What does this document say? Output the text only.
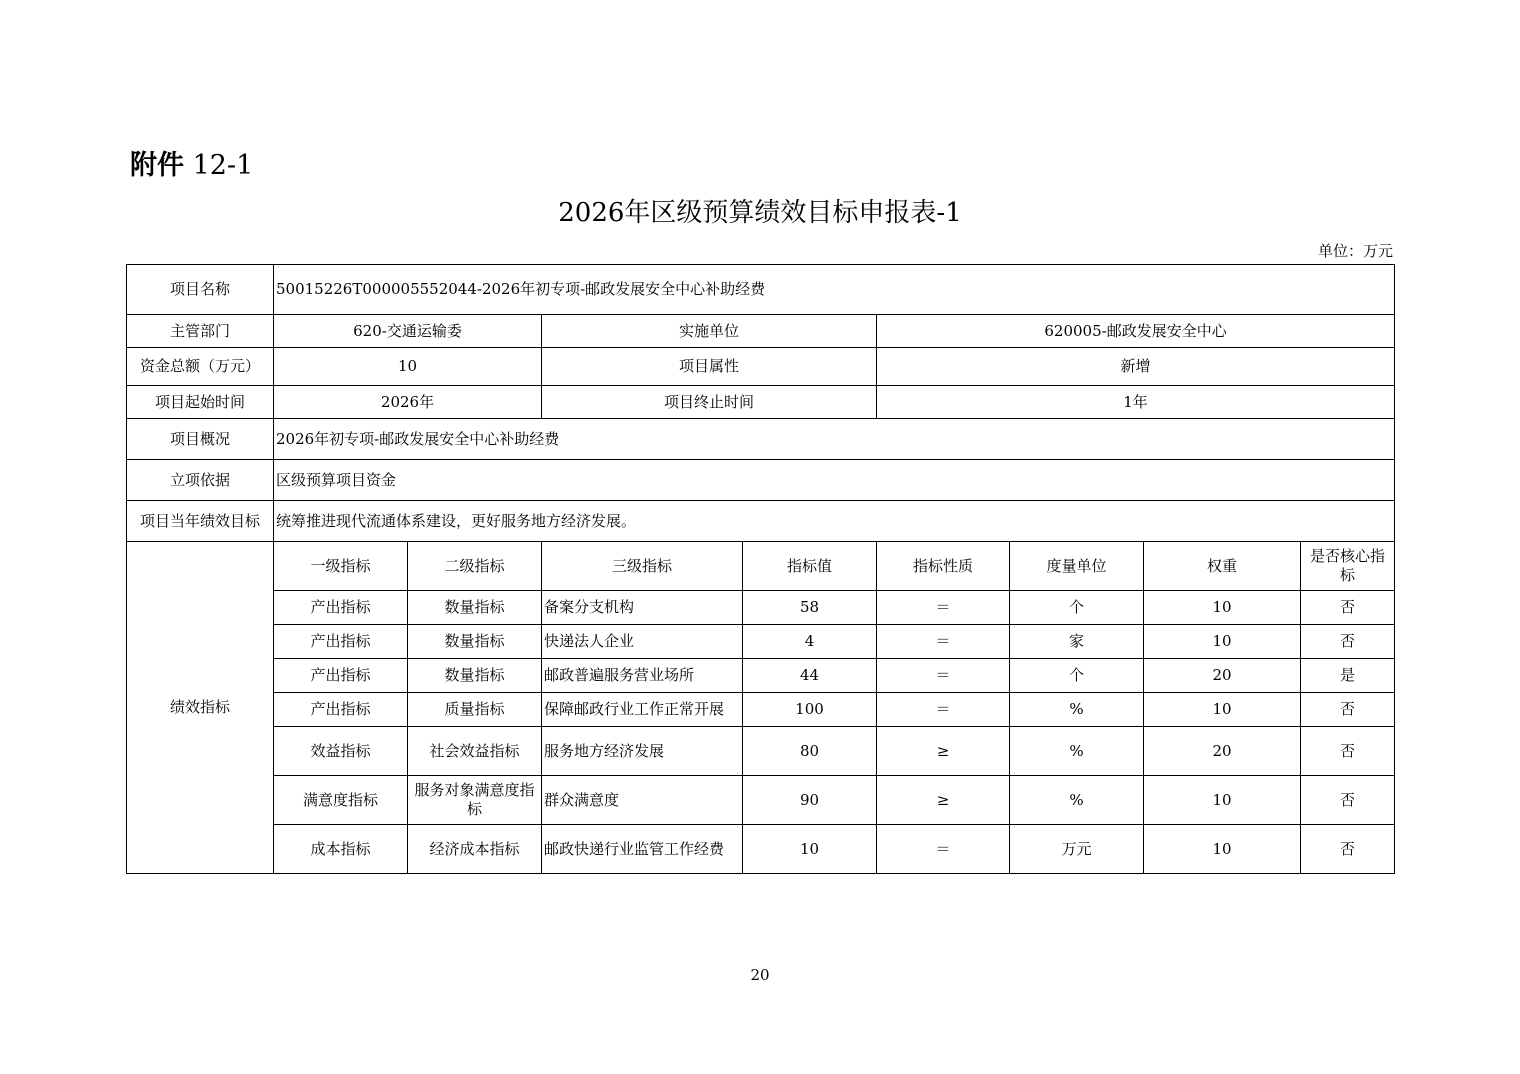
附件 12-1
2026年区级预算绩效目标申报表-1
单位：万元
项目名称	50015226T000005552044-2026年初专项-邮政发展安全中心补助经费							
主管部门	620-交通运输委		实施单位		620005-邮政发展安全中心			
资金总额（万元）	10		项目属性		新增			
项目起始时间	2026年		项目终止时间		1年			
项目概况	2026年初专项-邮政发展安全中心补助经费							
立项依据	区级预算项目资金							
项目当年绩效目标	统筹推进现代流通体系建设，更好服务地方经济发展。							
绩效指标	一级指标	二级指标	三级指标	指标值	指标性质	度量单位	权重	是否核心指标
	产出指标	数量指标	备案分支机构	58	＝	个	10	否
	产出指标	数量指标	快递法人企业	4	＝	家	10	否
	产出指标	数量指标	邮政普遍服务营业场所	44	＝	个	20	是
	产出指标	质量指标	保障邮政行业工作正常开展	100	＝	%	10	否
	效益指标	社会效益指标	服务地方经济发展	80	≥	%	20	否
	满意度指标	服务对象满意度指标	群众满意度	90	≥	%	10	否
	成本指标	经济成本指标	邮政快递行业监管工作经费	10	＝	万元	10	否
20
